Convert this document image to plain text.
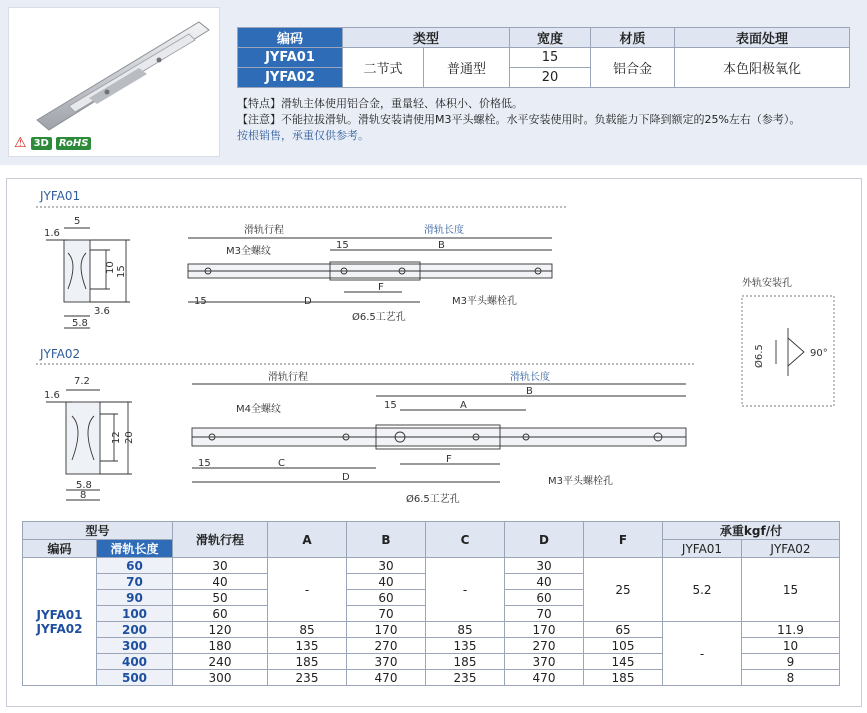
⚠ 3D	RoHS
编码	类型		宽度	材质	表面处理
JYFA01	二节式	普通型	15	铝合金	本色阳极氧化
JYFA02			20		
【特点】滑轨主体使用铝合金，重量轻、体积小、价格低。
【注意】不能拉拔滑轨。滑轨安装请使用M3平头螺栓。水平安装使用时。负载能力下降到额定的25%左右（参考）。
按根销售，承重仅供参考。
JYFA01
JYFA02
外轨安装孔
Ø6.5	90°
1.6
5
10 15
3.6
5.8
滑轨行程	滑轨长度
15	B
M3全螺纹
15	D
F
M3平头螺栓孔
Ø6.5工艺孔
1.6
7.2
12 20
5.8
8
滑轨行程	滑轨长度
B
15	A
M4全螺纹
15	C
D
F
M3平头螺栓孔
Ø6.5工艺孔
型号		滑轨行程	A	B	C	D	F	承重kgf/付	
编码	滑轨长度							JYFA01	JYFA02

JYFA01
JYFA02	60	30	-	30	-	30	25	5.2	15
	70	40		40		40			
	90	50		60		60			
	100	60		70		70			
	200	120	85	170	85	170	65	-	11.9
	300	180	135	270	135	270	105		10
	400	240	185	370	185	370	145		9
	500	300	235	470	235	470	185		8
